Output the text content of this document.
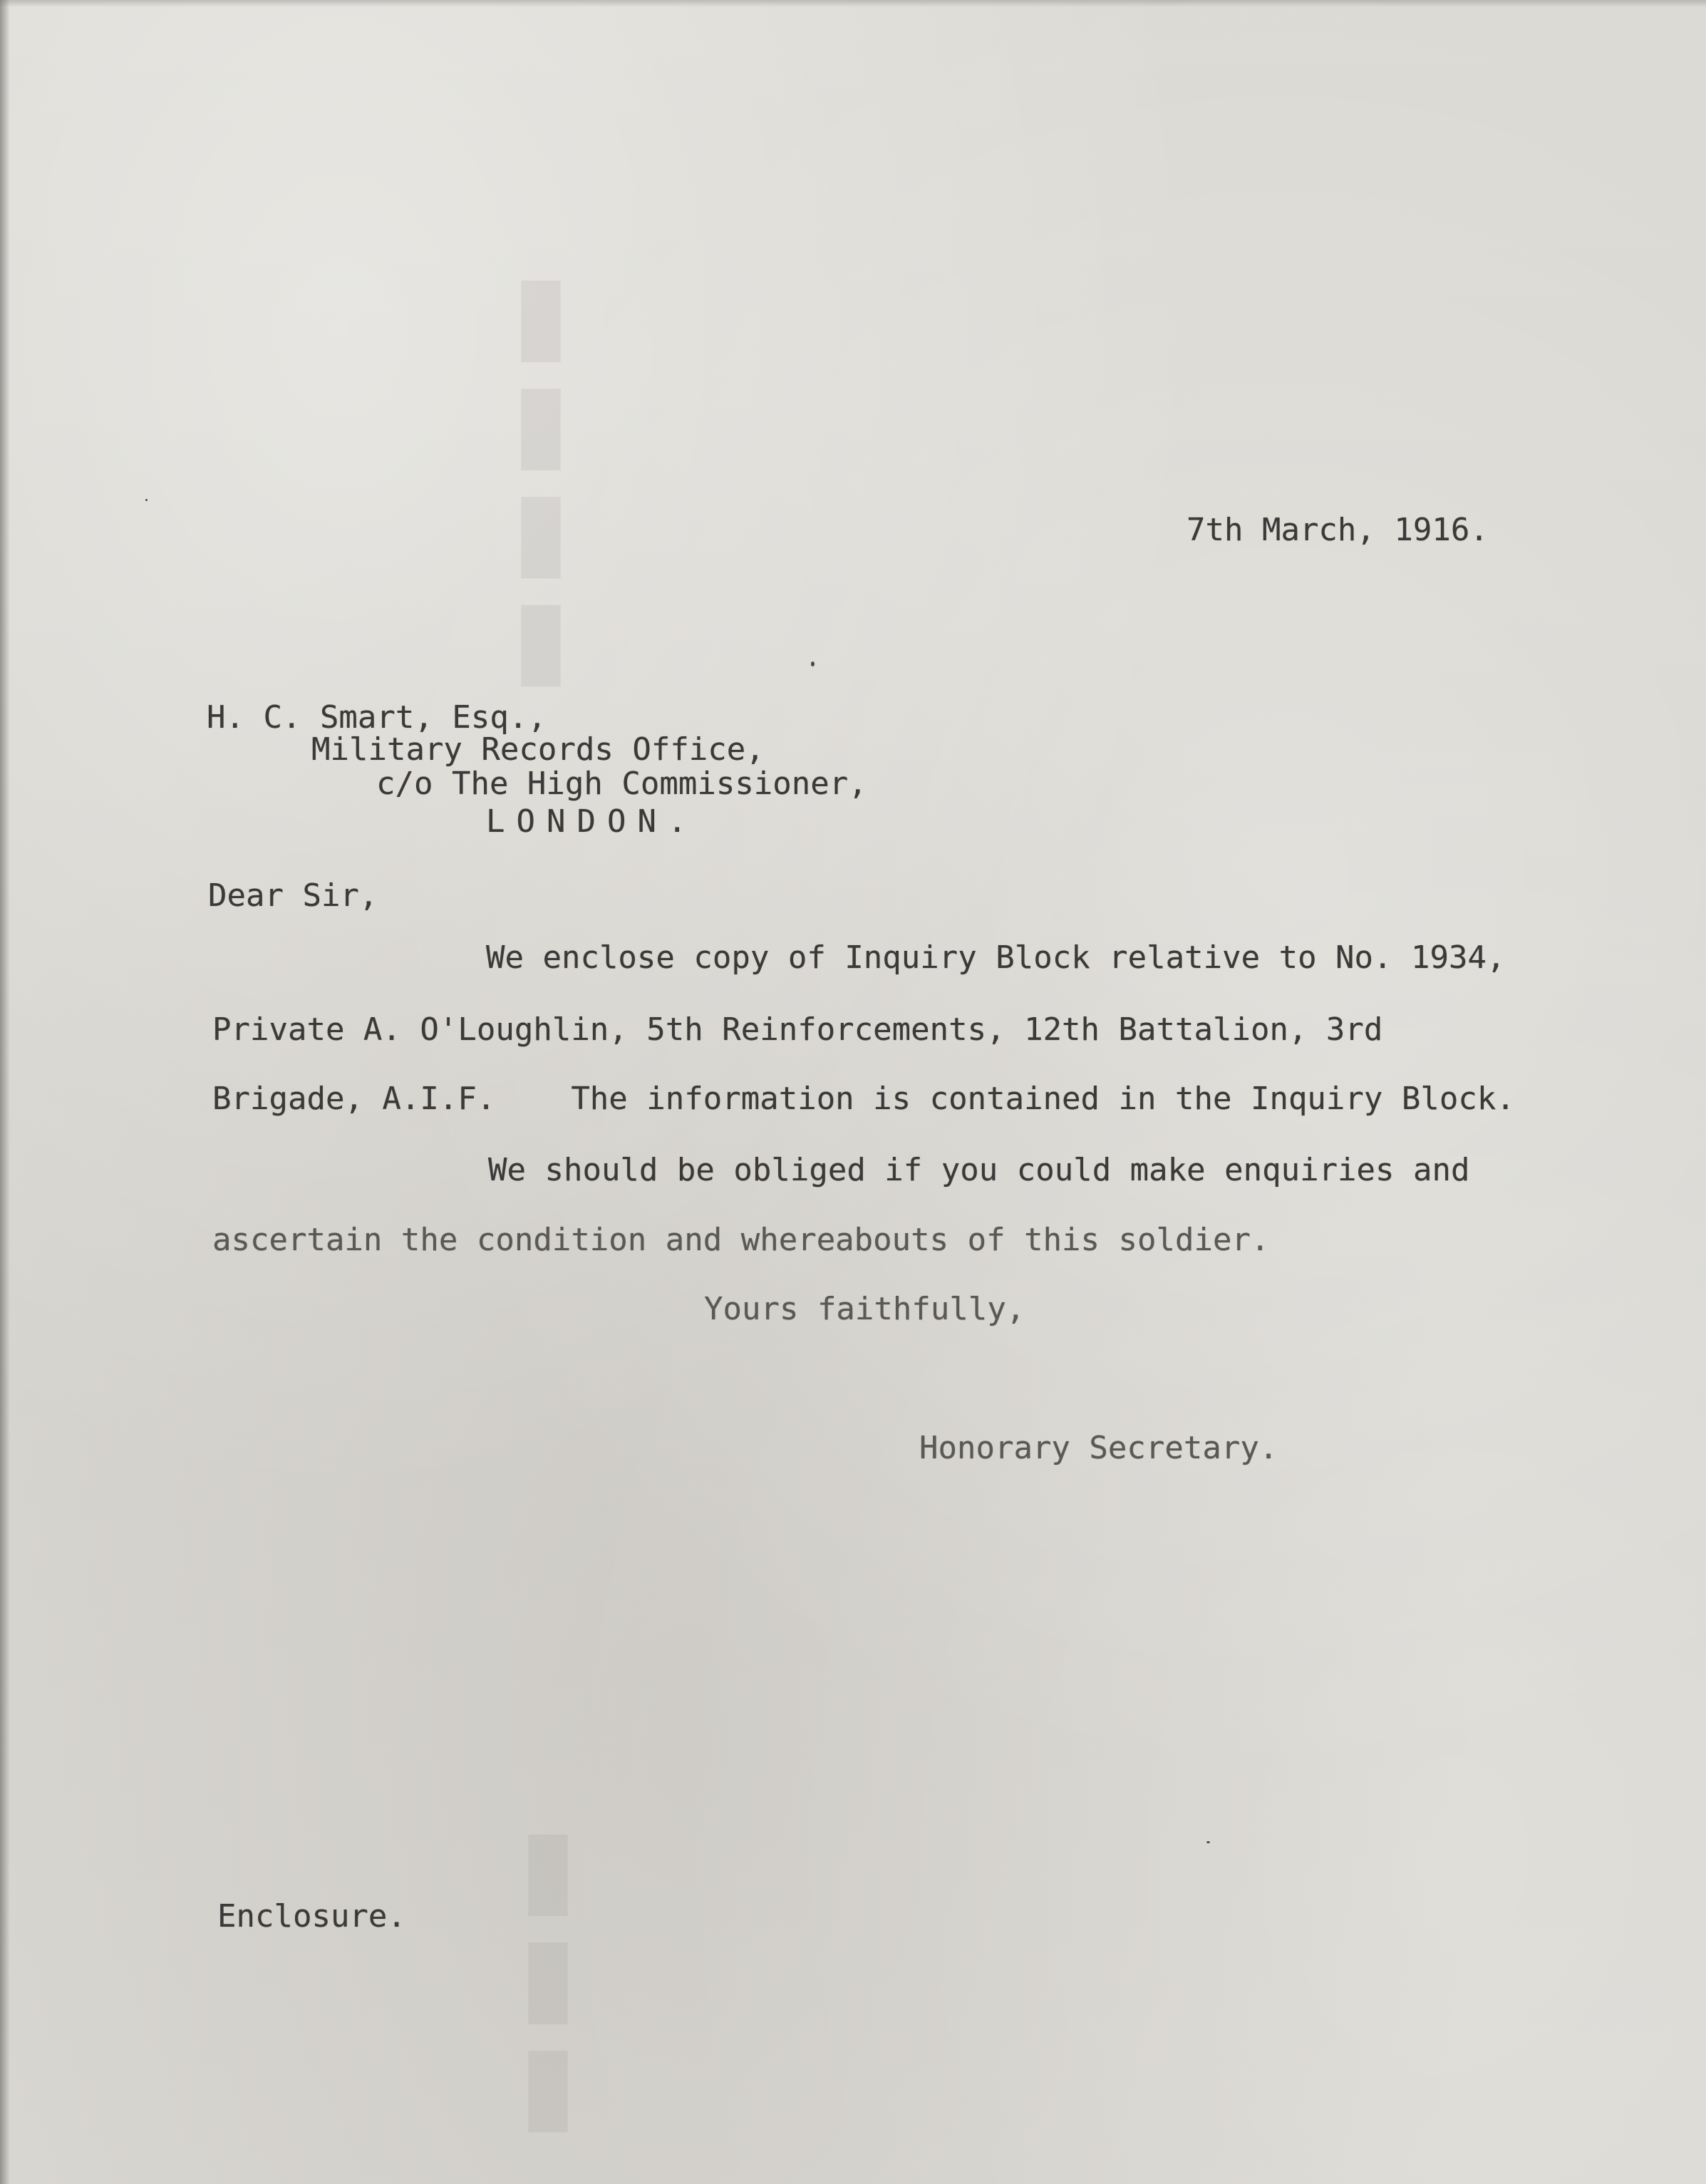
▬▬▬▬
▬▬▬
7th March, 1916.
H. C. Smart, Esq.,
Military Records Office,
c/o The High Commissioner,
LONDON.
Dear Sir,
We enclose copy of Inquiry Block relative to No. 1934,
Private A. O'Loughlin, 5th Reinforcements, 12th Battalion, 3rd
Brigade, A.I.F.    The information is contained in the Inquiry Block.
We should be obliged if you could make enquiries and
ascertain the condition and whereabouts of this soldier.
Yours faithfully,
Honorary Secretary.
Enclosure.
